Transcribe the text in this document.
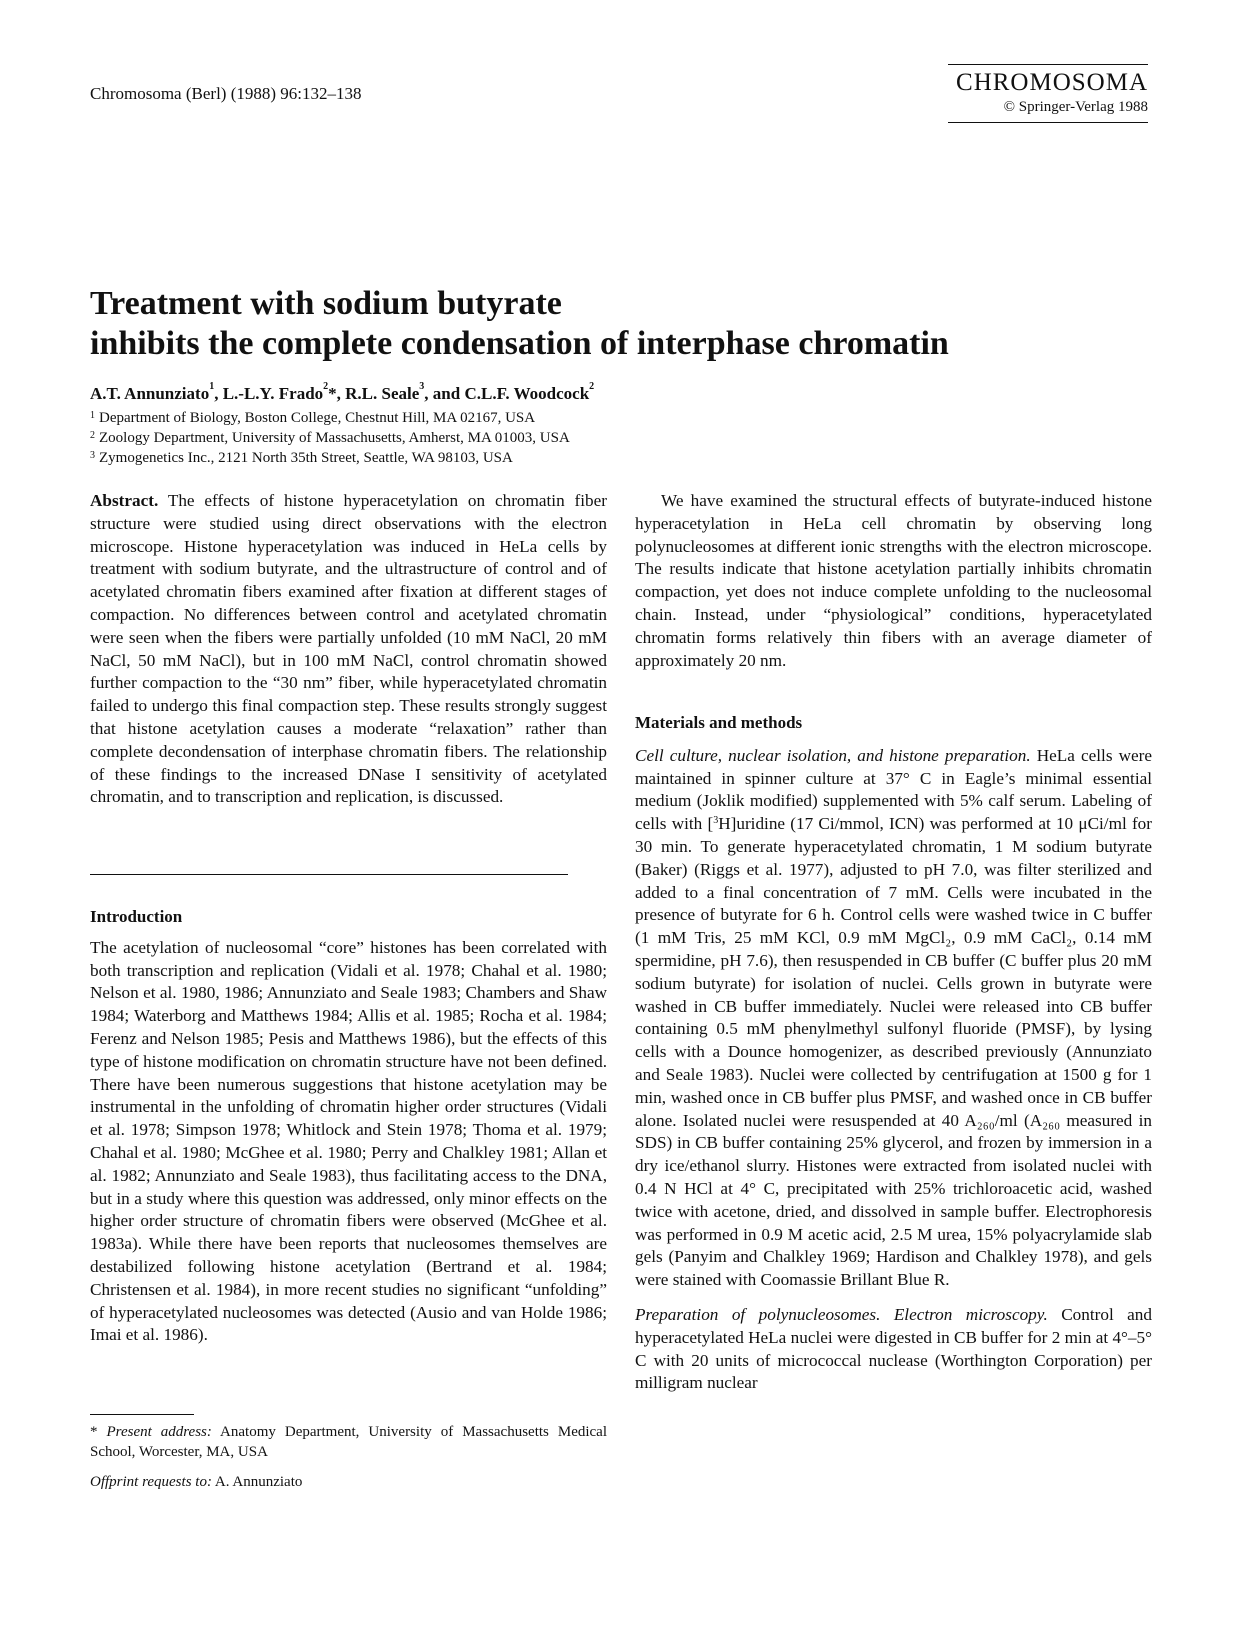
Chromosoma (Berl) (1988) 96:132–138	CHROMOSOMA
© Springer-Verlag 1988
Treatment with sodium butyrate
inhibits the complete condensation of interphase chromatin
A.T. Annunziato$^1$, L.-L.Y. Frado$^2$*, R.L. Seale$^3$, and C.L.F. Woodcock$^2$
$^1$ Department of Biology, Boston College, Chestnut Hill, MA 02167, USA
$^2$ Zoology Department, University of Massachusetts, Amherst, MA 01003, USA
$^3$ Zymogenetics Inc., 2121 North 35th Street, Seattle, WA 98103, USA

Abstract. The effects of histone hyperacetylation on chromatin fiber structure were studied using direct observations with the electron microscope. Histone hyperacetylation was induced in HeLa cells by treatment with sodium butyrate, and the ultrastructure of control and of acetylated chromatin fibers examined after fixation at different stages of compaction. No differences between control and acetylated chromatin were seen when the fibers were partially unfolded (10 mM NaCl, 20 mM NaCl, 50 mM NaCl), but in 100 mM NaCl, control chromatin showed further compaction to the “30 nm” fiber, while hyperacetylated chromatin failed to undergo this final compaction step. These results strongly suggest that histone acetylation causes a moderate “relaxation” rather than complete decondensation of interphase chromatin fibers. The relationship of these findings to the increased DNase I sensitivity of acetylated chromatin, and to transcription and replication, is discussed.

Introduction

The acetylation of nucleosomal “core” histones has been correlated with both transcription and replication (Vidali et al. 1978; Chahal et al. 1980; Nelson et al. 1980, 1986; Annunziato and Seale 1983; Chambers and Shaw 1984; Waterborg and Matthews 1984; Allis et al. 1985; Rocha et al. 1984; Ferenz and Nelson 1985; Pesis and Matthews 1986), but the effects of this type of histone modification on chromatin structure have not been defined. There have been numerous suggestions that histone acetylation may be instrumental in the unfolding of chromatin higher order structures (Vidali et al. 1978; Simpson 1978; Whitlock and Stein 1978; Thoma et al. 1979; Chahal et al. 1980; McGhee et al. 1980; Perry and Chalkley 1981; Allan et al. 1982; Annunziato and Seale 1983), thus facilitating access to the DNA, but in a study where this question was addressed, only minor effects on the higher order structure of chromatin fibers were observed (McGhee et al. 1983a). While there have been reports that nucleosomes themselves are destabilized following histone acetylation (Bertrand et al. 1984; Christensen et al. 1984), in more recent studies no significant “unfolding” of hyperacetylated nucleosomes was detected (Ausio and van Holde 1986; Imai et al. 1986).

* Present address: Anatomy Department, University of Massachusetts Medical School, Worcester, MA, USA

Offprint requests to: A. Annunziato

We have examined the structural effects of butyrate-induced histone hyperacetylation in HeLa cell chromatin by observing long polynucleosomes at different ionic strengths with the electron microscope. The results indicate that histone acetylation partially inhibits chromatin compaction, yet does not induce complete unfolding to the nucleosomal chain. Instead, under “physiological” conditions, hyperacetylated chromatin forms relatively thin fibers with an average diameter of approximately 20 nm.

Materials and methods

Cell culture, nuclear isolation, and histone preparation. HeLa cells were maintained in spinner culture at 37° C in Eagle’s minimal essential medium (Joklik modified) supplemented with 5% calf serum. Labeling of cells with [$^3$H]uridine (17 Ci/mmol, ICN) was performed at 10 μCi/ml for 30 min. To generate hyperacetylated chromatin, 1 M sodium butyrate (Baker) (Riggs et al. 1977), adjusted to pH 7.0, was filter sterilized and added to a final concentration of 7 mM. Cells were incubated in the presence of butyrate for 6 h. Control cells were washed twice in C buffer (1 mM Tris, 25 mM KCl, 0.9 mM MgCl₂, 0.9 mM CaCl₂, 0.14 mM spermidine, pH 7.6), then resuspended in CB buffer (C buffer plus 20 mM sodium butyrate) for isolation of nuclei. Cells grown in butyrate were washed in CB buffer immediately. Nuclei were released into CB buffer containing 0.5 mM phenylmethyl sulfonyl fluoride (PMSF), by lysing cells with a Dounce homogenizer, as described previously (Annunziato and Seale 1983). Nuclei were collected by centrifugation at 1500 g for 1 min, washed once in CB buffer plus PMSF, and washed once in CB buffer alone. Isolated nuclei were resuspended at 40 A₂₆₀/ml (A₂₆₀ measured in SDS) in CB buffer containing 25% glycerol, and frozen by immersion in a dry ice/ethanol slurry. Histones were extracted from isolated nuclei with 0.4 N HCl at 4° C, precipitated with 25% trichloroacetic acid, washed twice with acetone, dried, and dissolved in sample buffer. Electrophoresis was performed in 0.9 M acetic acid, 2.5 M urea, 15% polyacrylamide slab gels (Panyim and Chalkley 1969; Hardison and Chalkley 1978), and gels were stained with Coomassie Brillant Blue R.

Preparation of polynucleosomes. Electron microscopy. Control and hyperacetylated HeLa nuclei were digested in CB buffer for 2 min at 4°–5° C with 20 units of micrococcal nuclease (Worthington Corporation) per milligram nuclear
